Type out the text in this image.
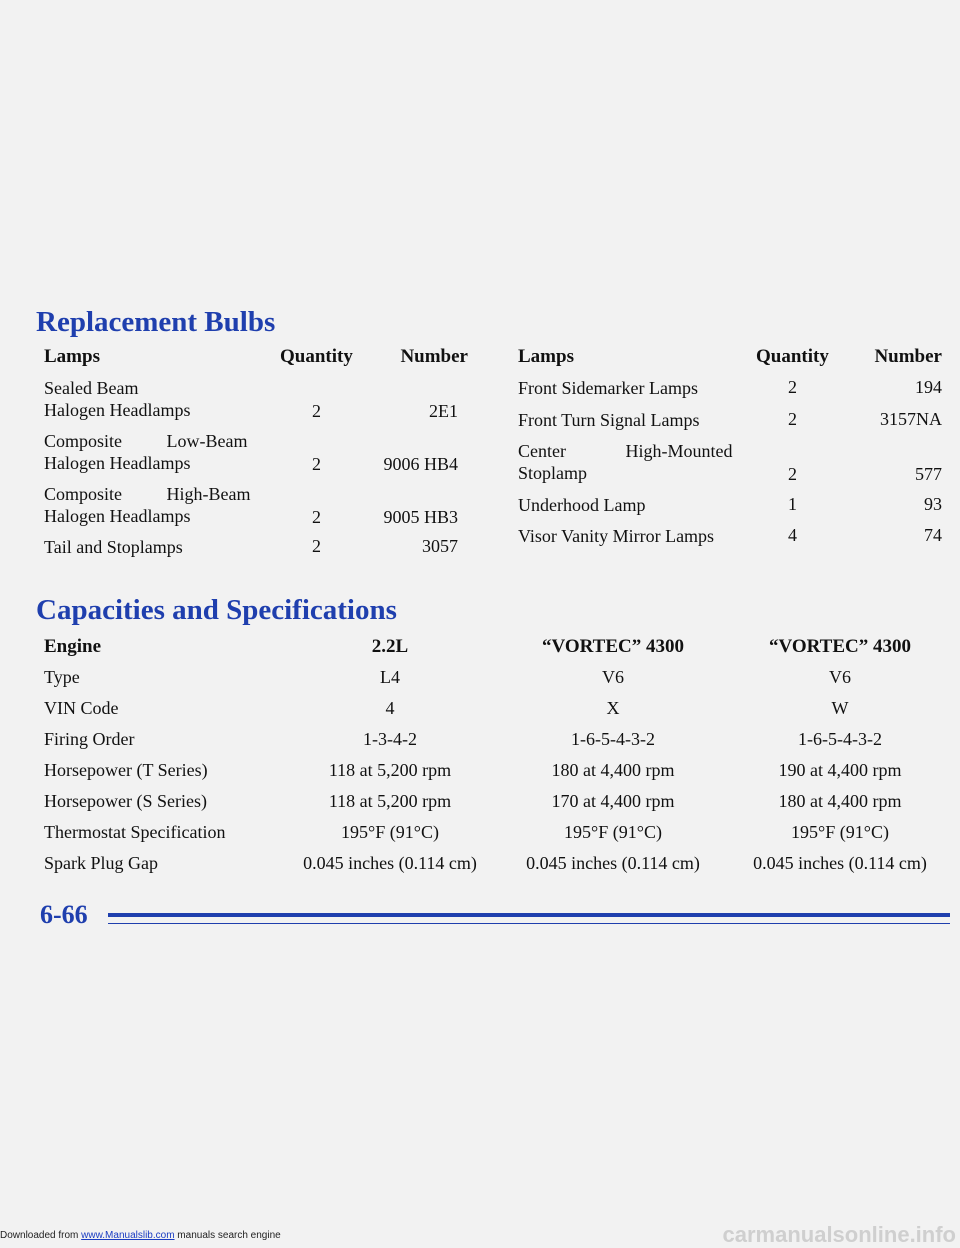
Replacement Bulbs
Lamps	Quantity	Number	Lamps	Quantity Number
Sealed Beam
Halogen Headlamps	2	2E1
Composite Low-Beam
Halogen Headlamps	2	9006 HB4
Composite High-Beam
Halogen Headlamps	2	9005 HB3
Tail and Stoplamps	2	3057
Front Sidemarker Lamps	2	194
Front Turn Signal Lamps	2	3157NA
Center High-Mounted
Stoplamp	2	577
Underhood Lamp	1	93
Visor Vanity Mirror Lamps	4	74
Capacities and Specifications
Engine	2.2L	“VORTEC” 4300	“VORTEC” 4300
Type	L4	V6	V6
VIN Code	4	X	W
Firing Order	1-3-4-2	1-6-5-4-3-2	1-6-5-4-3-2
Horsepower (T Series)	118 at 5,200 rpm	180 at 4,400 rpm	190 at 4,400 rpm
Horsepower (S Series)	118 at 5,200 rpm	170 at 4,400 rpm	180 at 4,400 rpm
Thermostat Specification	195°F (91°C)	195°F (91°C)	195°F (91°C)
Spark Plug Gap	0.045 inches (0.114 cm)	0.045 inches (0.114 cm)	0.045 inches (0.114 cm)
6-66
Downloaded from www.Manualslib.com manuals search engine	carmanualsonline.info
